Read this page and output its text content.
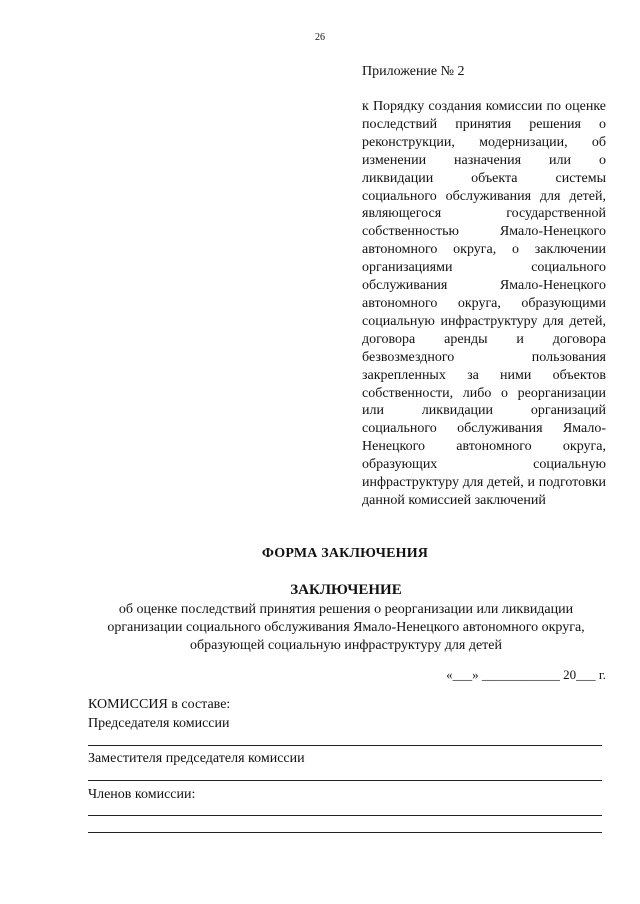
26
Приложение № 2
к Порядку создания комиссии по оценке последствий принятия решения о реконструкции, модернизации, об изменении назначения или о ликвидации объекта системы социального обслуживания для детей, являющегося государственной собственностью Ямало-Ненецкого автономного округа, о заключении организациями социального обслуживания Ямало-Ненецкого автономного округа, образующими социальную инфраструктуру для детей, договора аренды и договора безвозмездного пользования закрепленных за ними объектов собственности, либо о реорганизации или ликвидации организаций социального обслуживания Ямало-Ненецкого автономного округа, образующих социальную инфраструктуру для детей, и подготовки данной комиссией заключений
ФОРМА ЗАКЛЮЧЕНИЯ
ЗАКЛЮЧЕНИЕ
об оценке последствий принятия решения о реорганизации или ликвидации организации социального обслуживания Ямало-Ненецкого автономного округа, образующей социальную инфраструктуру для детей
«___» ____________ 20___ г.
КОМИССИЯ в составе:
Председателя комиссии
Заместителя председателя комиссии
Членов комиссии:
